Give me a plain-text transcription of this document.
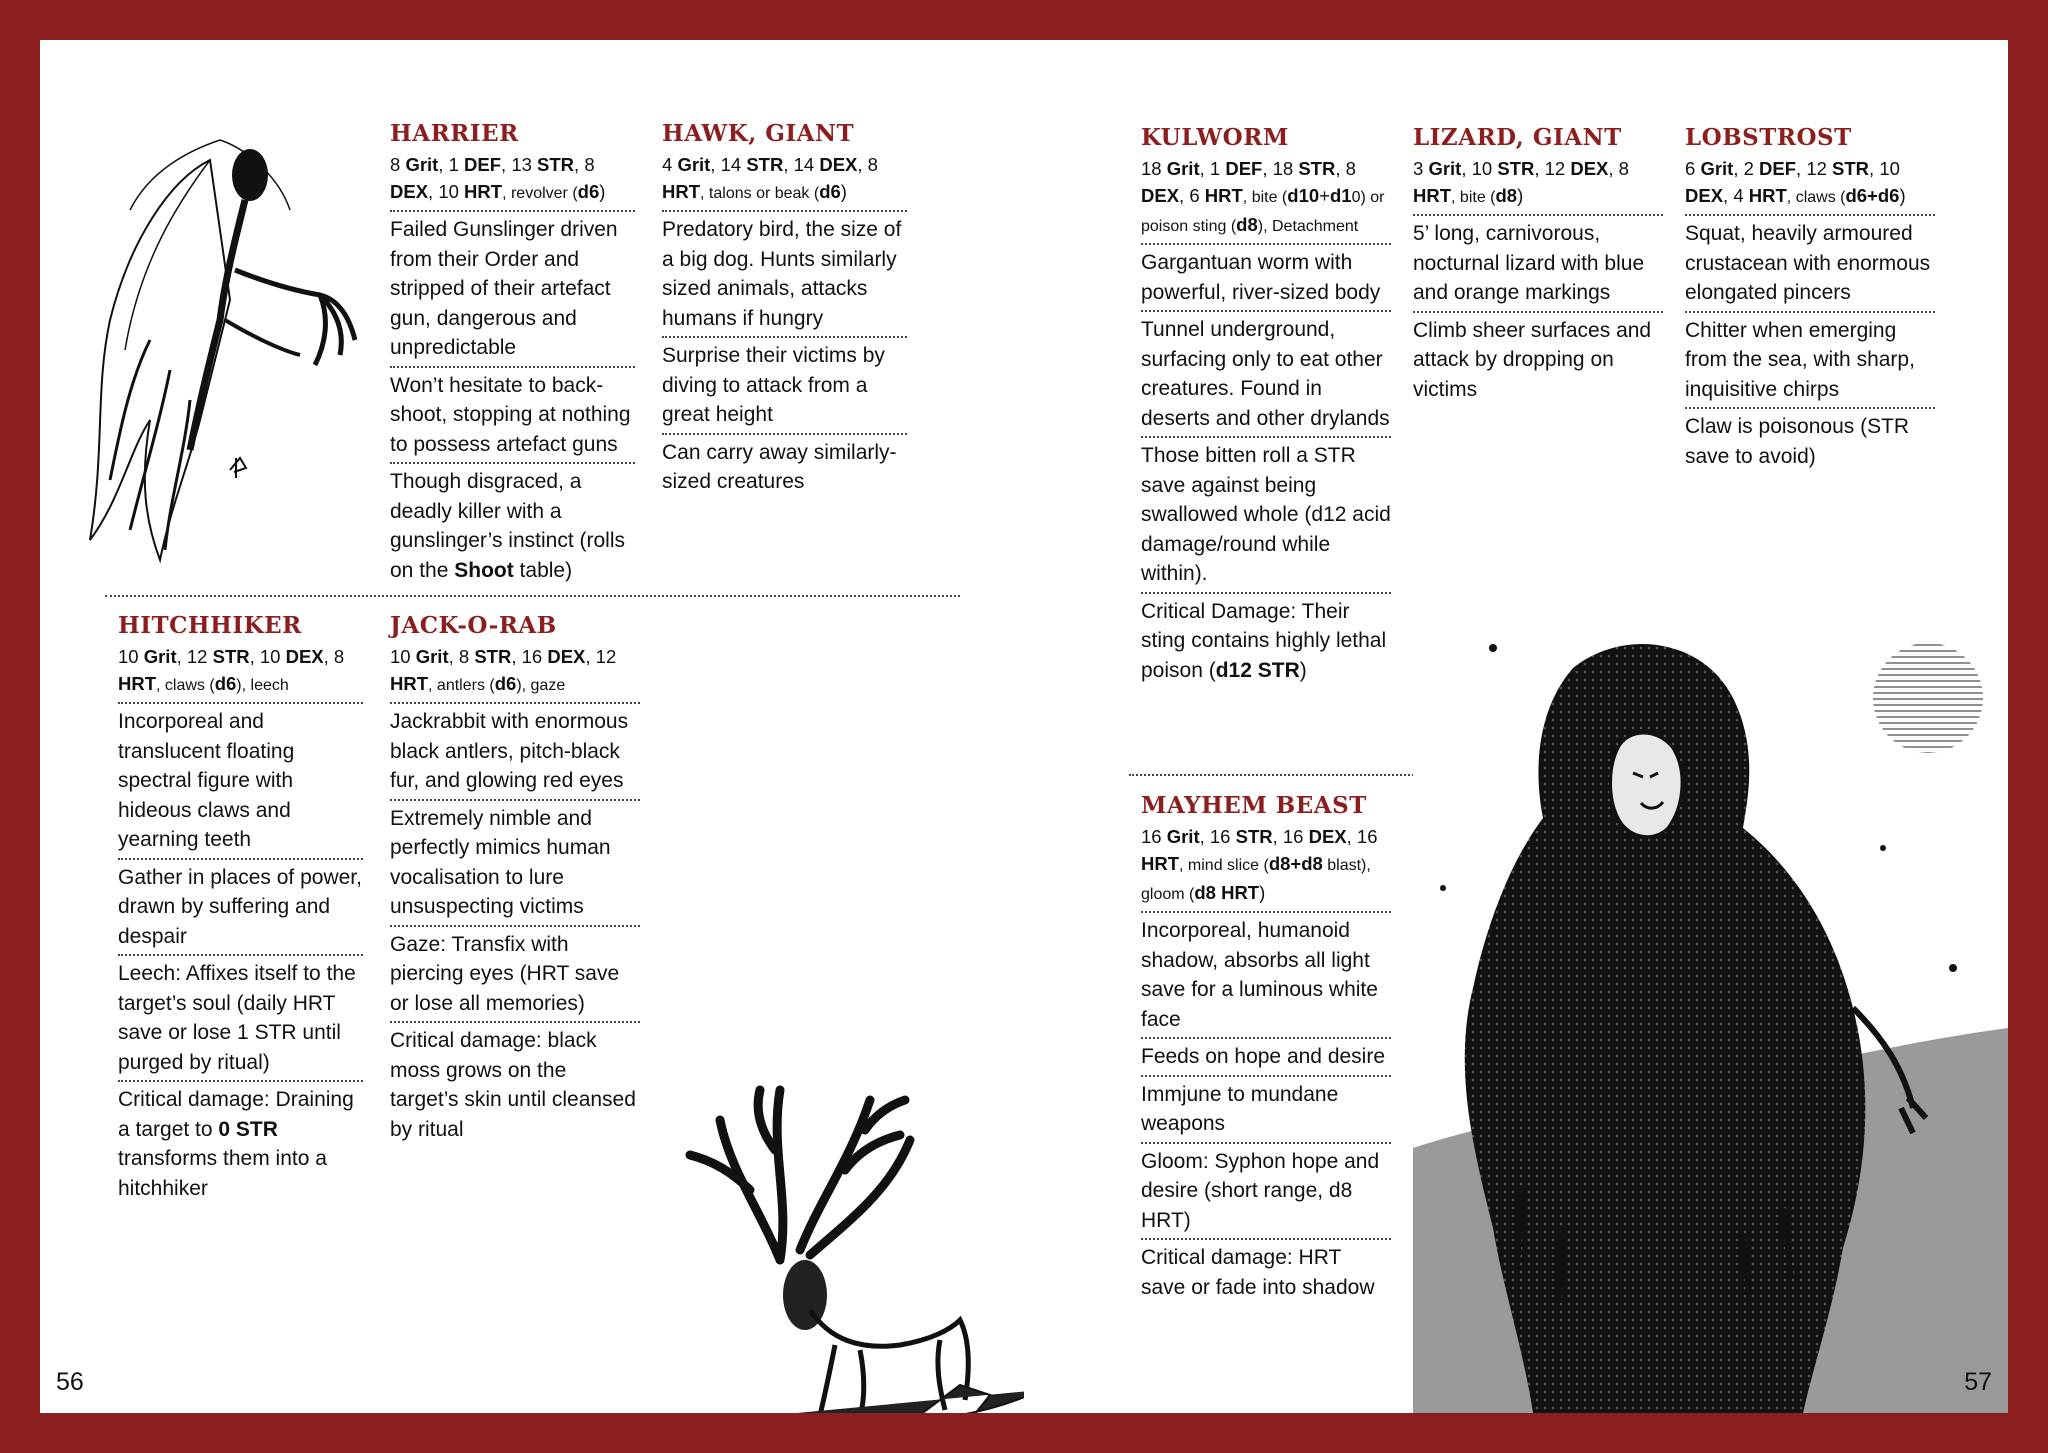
HARRIER
8 Grit, 1 DEF, 13 STR, 8 DEX, 10 HRT, revolver (d6)
Failed Gunslinger driven from their Order and stripped of their artefact gun, dangerous and unpredictable
Won’t hesitate to back-shoot, stopping at nothing to possess artefact guns
Though disgraced, a deadly killer with a gunslinger’s instinct (rolls on the Shoot table)
HAWK, GIANT
4 Grit, 14 STR, 14 DEX, 8 HRT, talons or beak (d6)
Predatory bird, the size of a big dog. Hunts similarly sized animals, attacks humans if hungry
Surprise their victims by diving to attack from a great height
Can carry away similarly-sized creatures
HITCHHIKER
10 Grit, 12 STR, 10 DEX, 8 HRT, claws (d6), leech
Incorporeal and translucent floating spectral figure with hideous claws and yearning teeth
Gather in places of power, drawn by suffering and despair
Leech: Affixes itself to the target’s soul (daily HRT save or lose 1 STR until purged by ritual)
Critical damage: Draining a target to 0 STR transforms them into a hitchhiker
JACK-O-RAB
10 Grit, 8 STR, 16 DEX, 12 HRT, antlers (d6), gaze
Jackrabbit with enormous black antlers, pitch-black fur, and glowing red eyes
Extremely nimble and perfectly mimics human vocalisation to lure unsuspecting victims
Gaze: Transfix with piercing eyes (HRT save or lose all memories)
Critical damage: black moss grows on the target’s skin until cleansed by ritual
56
KULWORM
18 Grit, 1 DEF, 18 STR, 8 DEX, 6 HRT, bite (d10+d10) or poison sting (d8), Detachment
Gargantuan worm with powerful, river-sized body
Tunnel underground, surfacing only to eat other creatures. Found in deserts and other drylands
Those bitten roll a STR save against being swallowed whole (d12 acid damage/round while within).
Critical Damage: Their sting contains highly lethal poison (d12 STR)
LIZARD, GIANT
3 Grit, 10 STR, 12 DEX, 8 HRT, bite (d8)
5’ long, carnivorous, nocturnal lizard with blue and orange markings
Climb sheer surfaces and attack by dropping on victims
LOBSTROST
6 Grit, 2 DEF, 12 STR, 10 DEX, 4 HRT, claws (d6+d6)
Squat, heavily armoured crustacean with enormous elongated pincers
Chitter when emerging from the sea, with sharp, inquisitive chirps
Claw is poisonous (STR save to avoid)
MAYHEM BEAST
16 Grit, 16 STR, 16 DEX, 16 HRT, mind slice (d8+d8 blast), gloom (d8 HRT)
Incorporeal, humanoid shadow, absorbs all light save for a luminous white face
Feeds on hope and desire
Immjune to mundane weapons
Gloom: Syphon hope and desire (short range, d8 HRT)
Critical damage: HRT save or fade into shadow
57
